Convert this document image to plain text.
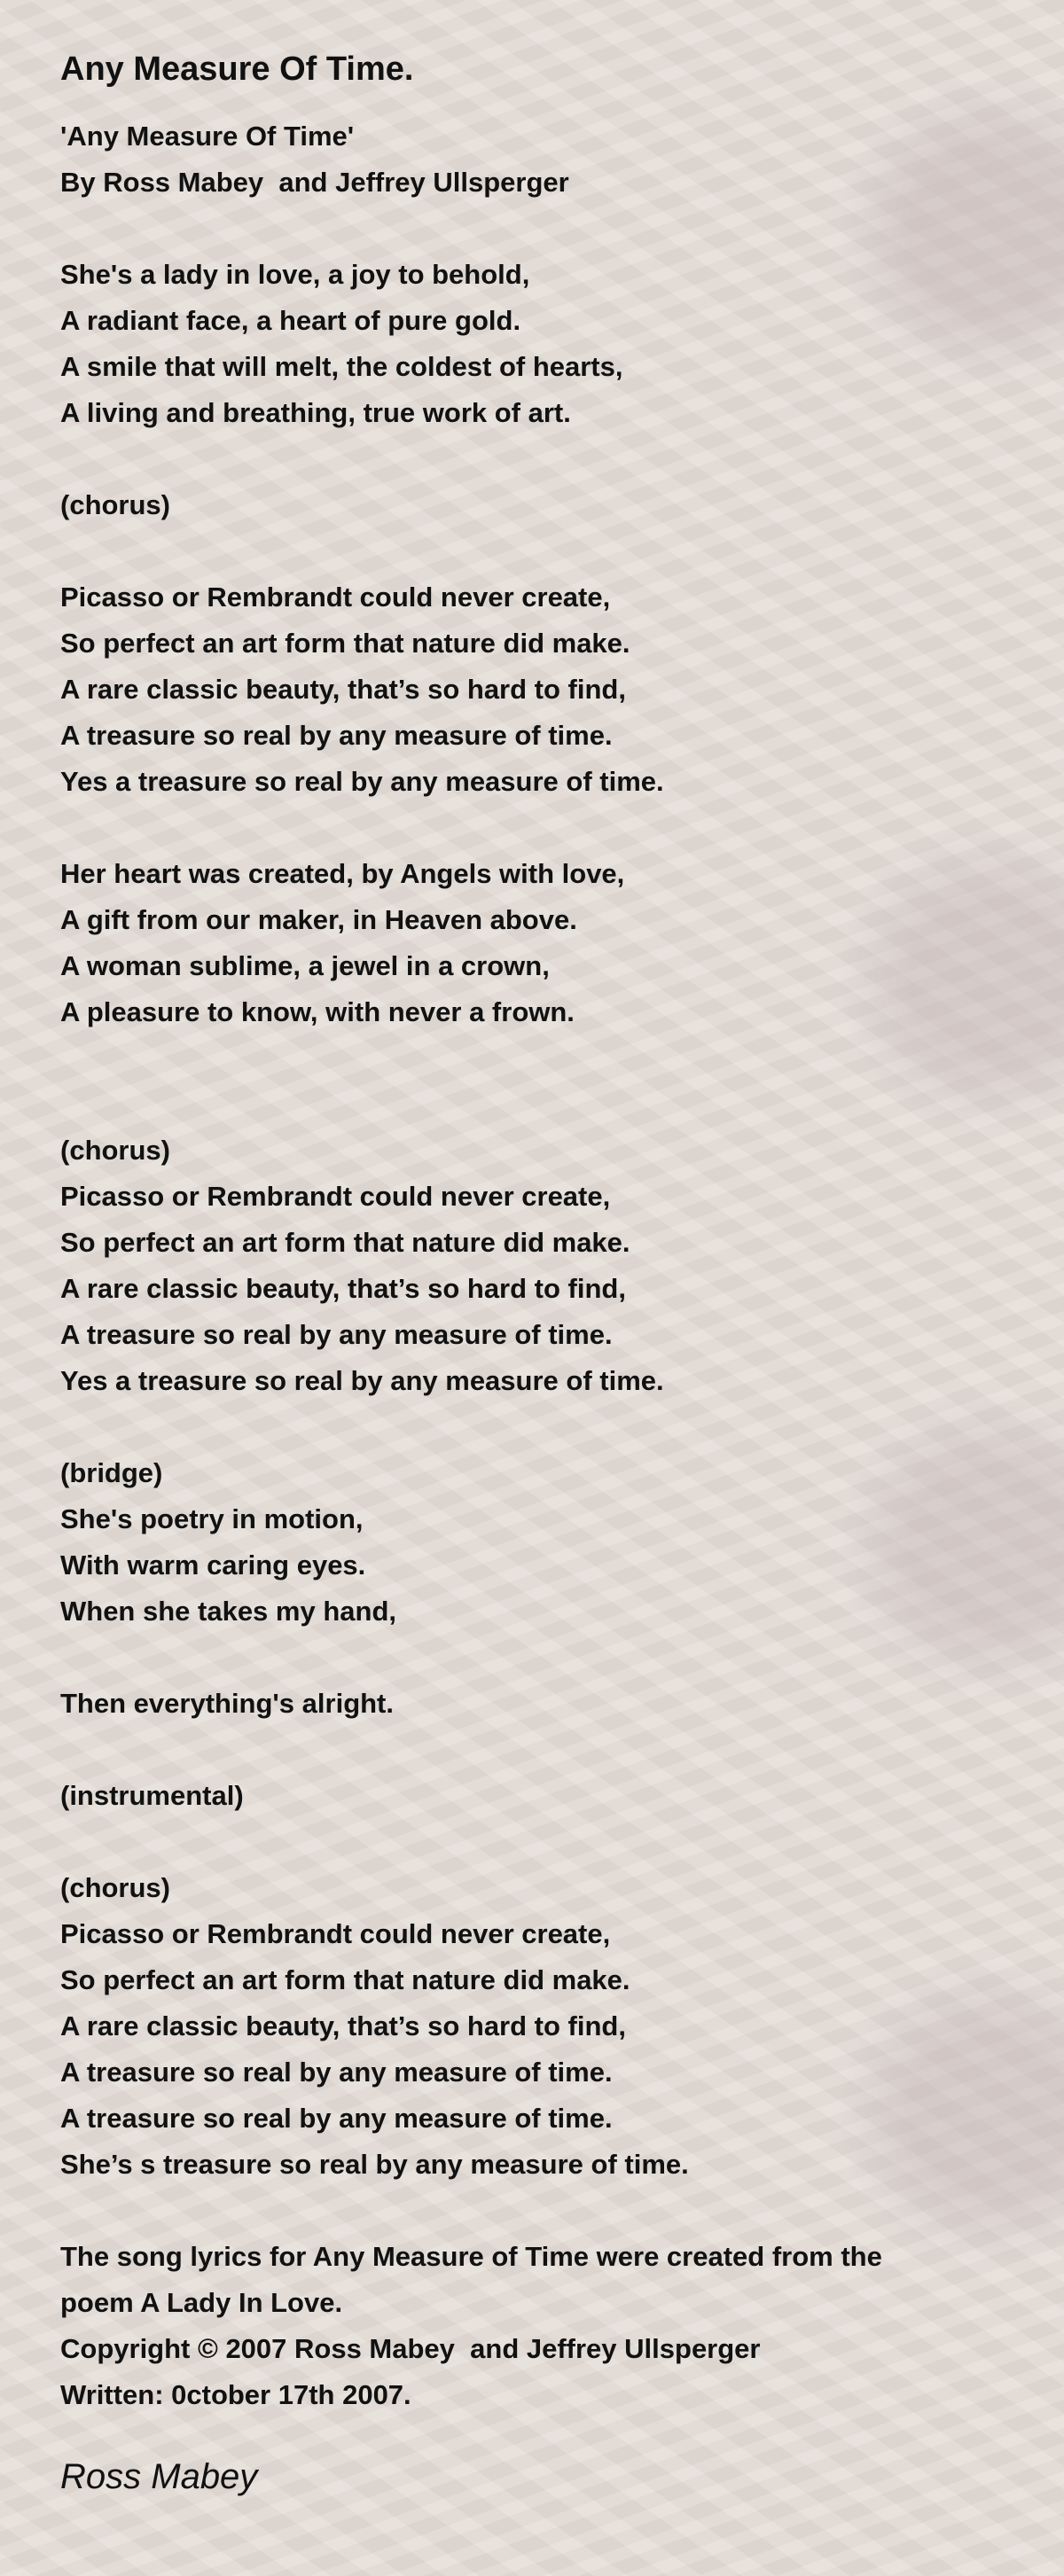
Any Measure Of Time.
'Any Measure Of Time'
By Ross Mabey  and Jeffrey Ullsperger
She's a lady in love, a joy to behold,
A radiant face, a heart of pure gold.
A smile that will melt, the coldest of hearts,
A living and breathing, true work of art.
(chorus)
Picasso or Rembrandt could never create,
So perfect an art form that nature did make.
A rare classic beauty, that’s so hard to find,
A treasure so real by any measure of time.
Yes a treasure so real by any measure of time.
Her heart was created, by Angels with love,
A gift from our maker, in Heaven above.
A woman sublime, a jewel in a crown,
A pleasure to know, with never a frown.
(chorus)
Picasso or Rembrandt could never create,
So perfect an art form that nature did make.
A rare classic beauty, that’s so hard to find,
A treasure so real by any measure of time.
Yes a treasure so real by any measure of time.
(bridge)
She's poetry in motion,
With warm caring eyes.
When she takes my hand,
Then everything's alright.
(instrumental)
(chorus)
Picasso or Rembrandt could never create,
So perfect an art form that nature did make.
A rare classic beauty, that’s so hard to find,
A treasure so real by any measure of time.
A treasure so real by any measure of time.
She’s s treasure so real by any measure of time.
The song lyrics for Any Measure of Time were created from the
poem A Lady In Love.
Copyright © 2007 Ross Mabey  and Jeffrey Ullsperger
Written: 0ctober 17th 2007.
Ross Mabey
